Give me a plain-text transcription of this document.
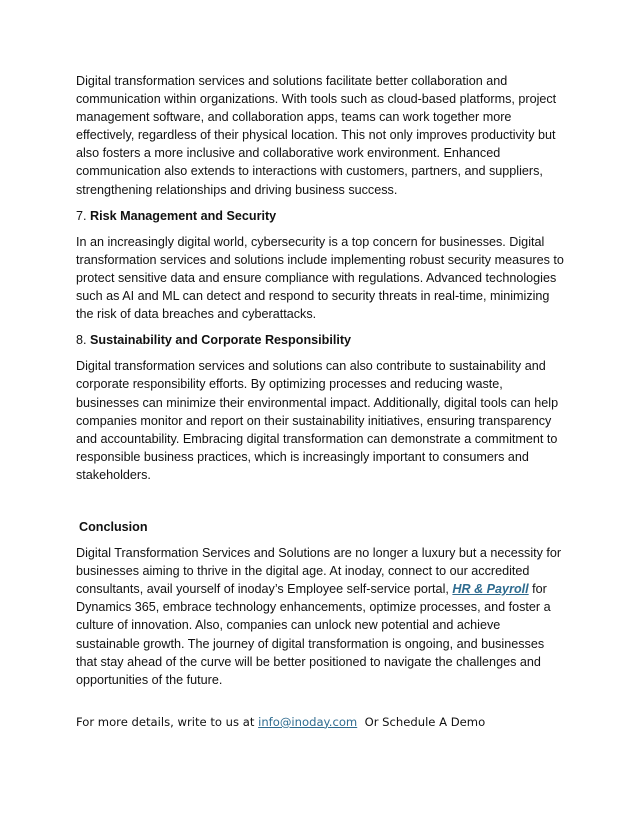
Digital transformation services and solutions facilitate better collaboration and communication within organizations. With tools such as cloud-based platforms, project management software, and collaboration apps, teams can work together more effectively, regardless of their physical location. This not only improves productivity but also fosters a more inclusive and collaborative work environment. Enhanced communication also extends to interactions with customers, partners, and suppliers, strengthening relationships and driving business success.

7. Risk Management and Security

In an increasingly digital world, cybersecurity is a top concern for businesses. Digital transformation services and solutions include implementing robust security measures to protect sensitive data and ensure compliance with regulations. Advanced technologies such as AI and ML can detect and respond to security threats in real-time, minimizing the risk of data breaches and cyberattacks.

8. Sustainability and Corporate Responsibility

Digital transformation services and solutions can also contribute to sustainability and corporate responsibility efforts. By optimizing processes and reducing waste, businesses can minimize their environmental impact. Additionally, digital tools can help companies monitor and report on their sustainability initiatives, ensuring transparency and accountability. Embracing digital transformation can demonstrate a commitment to responsible business practices, which is increasingly important to consumers and stakeholders.

Conclusion

Digital Transformation Services and Solutions are no longer a luxury but a necessity for businesses aiming to thrive in the digital age. At inoday, connect to our accredited consultants, avail yourself of inoday’s Employee self-service portal, HR & Payroll for Dynamics 365, embrace technology enhancements, optimize processes, and foster a culture of innovation. Also, companies can unlock new potential and achieve sustainable growth. The journey of digital transformation is ongoing, and businesses that stay ahead of the curve will be better positioned to navigate the challenges and opportunities of the future.

For more details, write to us at info@inoday.com  Or Schedule A Demo
